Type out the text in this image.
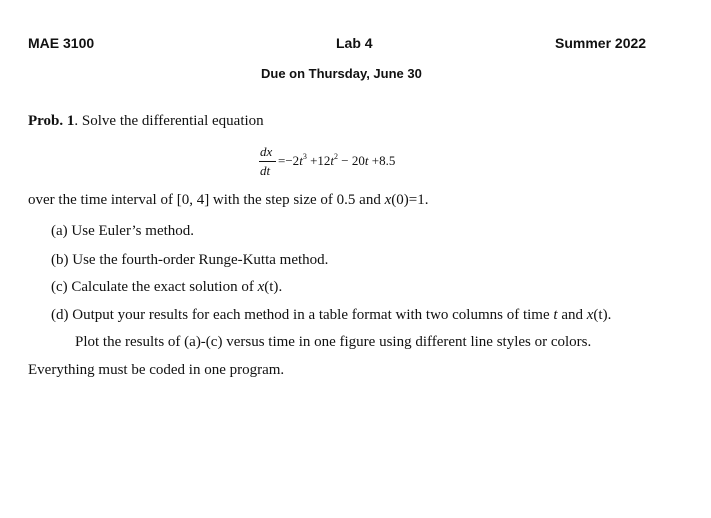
MAE 3100	Lab 4	Summer 2022
Due on Thursday, June 30
Prob. 1. Solve the differential equation
dx
dt
$=-2t^3 +12t^2 - 20t +8.5$
over the time interval of [0, 4] with the step size of 0.5 and x(0)=1.
(a) Use Euler’s method.
(b) Use the fourth-order Runge-Kutta method.
(c) Calculate the exact solution of x(t).
(d) Output your results for each method in a table format with two columns of time t and x(t).
Plot the results of (a)-(c) versus time in one figure using different line styles or colors.
Everything must be coded in one program.
